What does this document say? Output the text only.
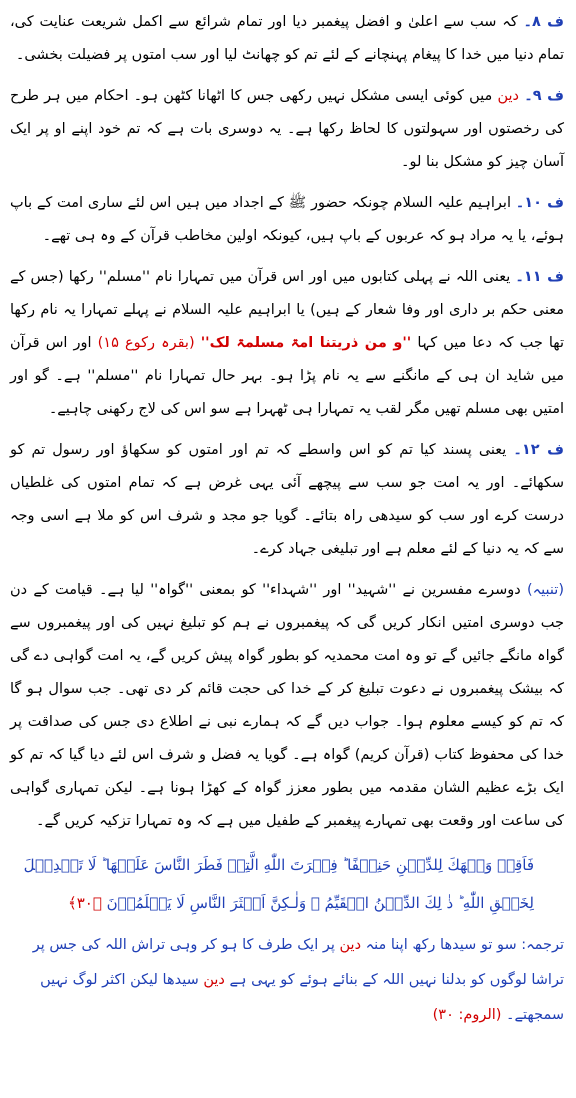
ف ۸۔ کہ سب سے اعلیٰ و افضل پیغمبر دیا اور تمام شرائع سے اکمل شریعت عنایت کی، تمام دنیا میں خدا کا پیغام پہنچانے کے لئے تم کو چھانٹ لیا اور سب امتوں پر فضیلت بخشی۔

ف ۹۔ دین میں کوئی ایسی مشکل نہیں رکھی جس کا اٹھانا کٹھن ہو۔ احکام میں ہر طرح کی رخصتوں اور سہولتوں کا لحاظ رکھا ہے۔ یہ دوسری بات ہے کہ تم خود اپنے او پر ایک آسان چیز کو مشکل بنا لو۔

ف ۱۰۔ ابراہیم علیہ السلام چونکہ حضور ﷺ کے اجداد میں ہیں اس لئے ساری امت کے باپ ہوئے، یا یہ مراد ہو کہ عربوں کے باپ ہیں، کیونکہ اولین مخاطب قرآن کے وہ ہی تھے۔

ف ۱۱۔ یعنی اللہ نے پہلی کتابوں میں اور اس قرآن میں تمہارا نام ''مسلم'' رکھا (جس کے معنی حکم بر داری اور وفا شعار کے ہیں) یا ابراہیم علیہ السلام نے پہلے تمہارا یہ نام رکھا تھا جب کہ دعا میں کہا ''و من ذریتنا امۃ مسلمۃ لک'' (بقرہ رکوع ۱۵) اور اس قرآن میں شاید ان ہی کے مانگنے سے یہ نام پڑا ہو۔ بہر حال تمہارا نام ''مسلم'' ہے۔ گو اور امتیں بھی مسلم تھیں مگر لقب یہ تمہارا ہی ٹھہرا ہے سو اس کی لاج رکھنی چاہیے۔

ف ۱۲۔ یعنی پسند کیا تم کو اس واسطے کہ تم اور امتوں کو سکھاؤ اور رسول تم کو سکھائے۔ اور یہ امت جو سب سے پیچھے آئی یہی غرض ہے کہ تمام امتوں کی غلطیاں درست کرے اور سب کو سیدھی راہ بتائے۔ گویا جو مجد و شرف اس کو ملا ہے اسی وجہ سے کہ یہ دنیا کے لئے معلم ہے اور تبلیغی جہاد کرے۔

(تنبیہ) دوسرے مفسرین نے ''شہید'' اور ''شہداء'' کو بمعنی ''گواہ'' لیا ہے۔ قیامت کے دن جب دوسری امتیں انکار کریں گی کہ پیغمبروں نے ہم کو تبلیغ نہیں کی اور پیغمبروں سے گواہ مانگے جائیں گے تو وہ امت محمدیہ کو بطور گواہ پیش کریں گے، یہ امت گواہی دے گی کہ بیشک پیغمبروں نے دعوت تبلیغ کر کے خدا کی حجت قائم کر دی تھی۔ جب سوال ہو گا کہ تم کو کیسے معلوم ہوا۔ جواب دیں گے کہ ہمارے نبی نے اطلاع دی جس کی صداقت پر خدا کی محفوظ کتاب (قرآن کریم) گواہ ہے۔ گویا یہ فضل و شرف اس لئے دیا گیا کہ تم کو ایک بڑے عظیم الشان مقدمہ میں بطور معزز گواہ کے کھڑا ہونا ہے۔ لیکن تمہاری گواہی کی ساعت اور وقعت بھی تمہارے پیغمبر کے طفیل میں ہے کہ وہ تمہارا تزکیہ کریں گے۔

فَاَقِمۡ وَجۡهَكَ لِلدِّيۡنِ حَنِيۡفًا ؕ فِطۡرَتَ اللّٰهِ الَّتِىۡ فَطَرَ النَّاسَ عَلَيۡهَا ؕ لَا تَبۡدِيۡلَ لِخَلۡقِ اللّٰهِ ؕ ذٰ لِكَ الدِّيۡنُ الۡقَيِّمُ ۙ وَلٰـكِنَّ اَكۡثَرَ النَّاسِ لَا يَعۡلَمُوۡنَ ﴿۳۰﴾

ترجمہ: سو تو سیدھا رکھ اپنا منہ دین پر ایک طرف کا ہو کر وہی تراش اللہ کی جس پر تراشا لوگوں کو بدلنا نہیں اللہ کے بنائے ہوئے کو یہی ہے دین سیدھا لیکن اکثر لوگ نہیں سمجھتے۔ (الروم: ۳۰)
